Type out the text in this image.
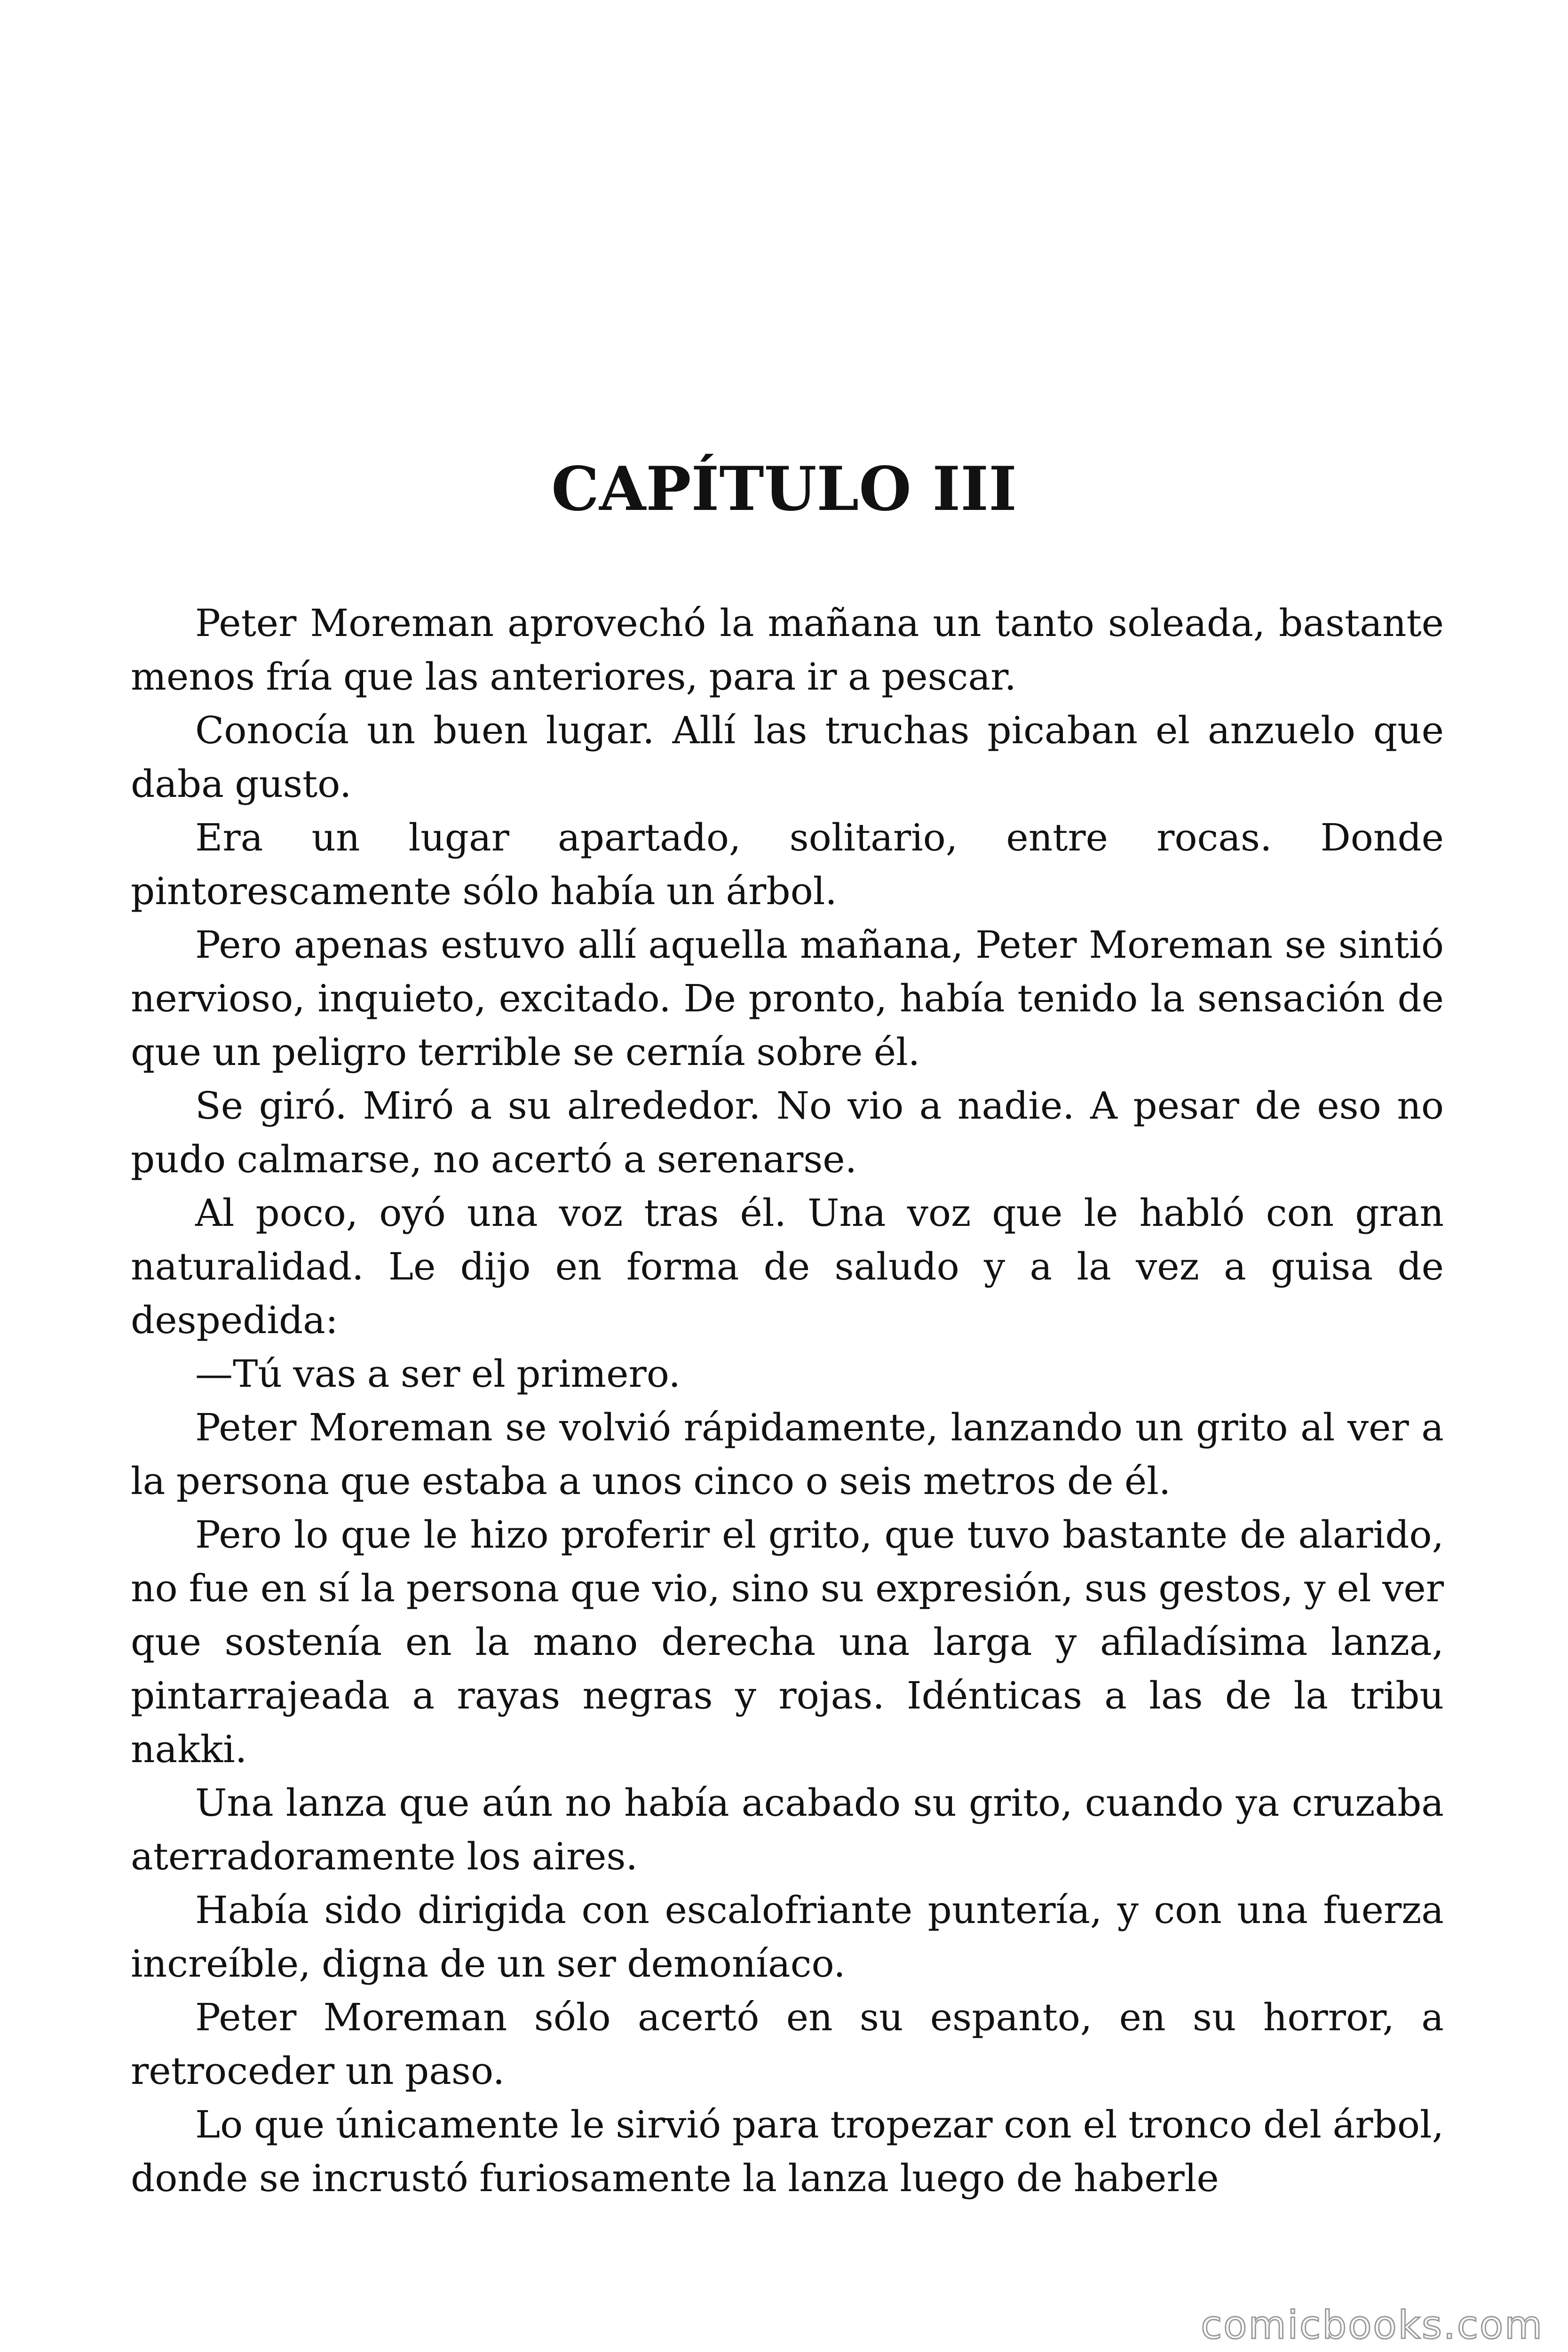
CAPÍTULO III

Peter Moreman aprovechó la mañana un tanto soleada, bastante menos fría que las anteriores, para ir a pescar.

Conocía un buen lugar. Allí las truchas picaban el anzuelo que daba gusto.

Era un lugar apartado, solitario, entre rocas. Donde pintorescamente sólo había un árbol.

Pero apenas estuvo allí aquella mañana, Peter Moreman se sintió nervioso, inquieto, excitado. De pronto, había tenido la sensación de que un peligro terrible se cernía sobre él.

Se giró. Miró a su alrededor. No vio a nadie. A pesar de eso no pudo calmarse, no acertó a serenarse.

Al poco, oyó una voz tras él. Una voz que le habló con gran naturalidad. Le dijo en forma de saludo y a la vez a guisa de despedida:

—Tú vas a ser el primero.

Peter Moreman se volvió rápidamente, lanzando un grito al ver a la persona que estaba a unos cinco o seis metros de él.

Pero lo que le hizo proferir el grito, que tuvo bastante de alarido, no fue en sí la persona que vio, sino su expresión, sus gestos, y el ver que sostenía en la mano derecha una larga y afiladísima lanza, pintarrajeada a rayas negras y rojas. Idénticas a las de la tribu nakki.

Una lanza que aún no había acabado su grito, cuando ya cruzaba aterradoramente los aires.

Había sido dirigida con escalofriante puntería, y con una fuerza increíble, digna de un ser demoníaco.

Peter Moreman sólo acertó en su espanto, en su horror, a retroceder un paso.

Lo que únicamente le sirvió para tropezar con el tronco del árbol, donde se incrustó furiosamente la lanza luego de haberle

comicbooks.com
